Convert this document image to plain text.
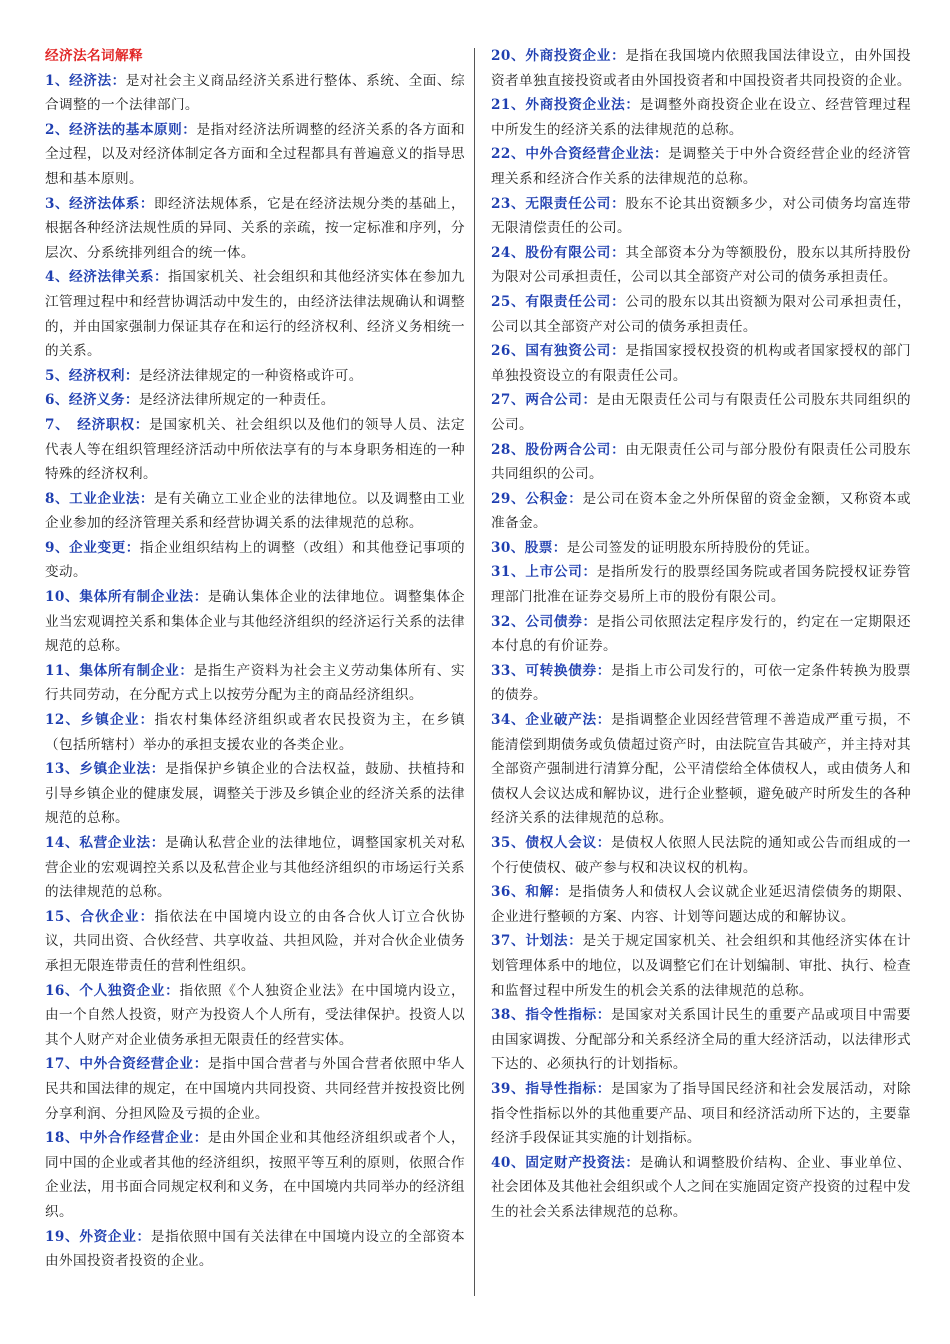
经济法名词解释

1、经济法：是对社会主义商品经济关系进行整体、系统、全面、综合调整的一个法律部门。

2、经济法的基本原则：是指对经济法所调整的经济关系的各方面和全过程，以及对经济体制定各方面和全过程都具有普遍意义的指导思想和基本原则。

3、经济法体系：即经济法规体系，它是在经济法规分类的基础上，根据各种经济法规性质的异同、关系的亲疏，按一定标准和序列，分层次、分系统排列组合的统一体。

4、经济法律关系：指国家机关、社会组织和其他经济实体在参加九江管理过程中和经营协调活动中发生的，由经济法律法规确认和调整的，并由国家强制力保证其存在和运行的经济权利、经济义务相统一的关系。

5、经济权利：是经济法律规定的一种资格或许可。

6、经济义务：是经济法律所规定的一种责任。

7、　经济职权：是国家机关、社会组织以及他们的领导人员、法定代表人等在组织管理经济活动中所依法享有的与本身职务相连的一种特殊的经济权利。

8、工业企业法：是有关确立工业企业的法律地位。以及调整由工业企业参加的经济管理关系和经营协调关系的法律规范的总称。

9、企业变更：指企业组织结构上的调整（改组）和其他登记事项的变动。

10、集体所有制企业法：是确认集体企业的法律地位。调整集体企业当宏观调控关系和集体企业与其他经济组织的经济运行关系的法律规范的总称。

11、集体所有制企业：是指生产资料为社会主义劳动集体所有、实行共同劳动，在分配方式上以按劳分配为主的商品经济组织。

12、乡镇企业：指农村集体经济组织或者农民投资为主，在乡镇（包括所辖村）举办的承担支援农业的各类企业。

13、乡镇企业法：是指保护乡镇企业的合法权益，鼓励、扶植持和引导乡镇企业的健康发展，调整关于涉及乡镇企业的经济关系的法律规范的总称。

14、私营企业法：是确认私营企业的法律地位，调整国家机关对私营企业的宏观调控关系以及私营企业与其他经济组织的市场运行关系的法律规范的总称。

15、合伙企业：指依法在中国境内设立的由各合伙人订立合伙协议，共同出资、合伙经营、共享收益、共担风险，并对合伙企业债务承担无限连带责任的营利性组织。

16、个人独资企业：指依照《个人独资企业法》在中国境内设立，由一个自然人投资，财产为投资人个人所有，受法律保护。投资人以其个人财产对企业债务承担无限责任的经营实体。

17、中外合资经营企业：是指中国合营者与外国合营者依照中华人民共和国法律的规定，在中国境内共同投资、共同经营并按投资比例分享利润、分担风险及亏损的企业。

18、中外合作经营企业：是由外国企业和其他经济组织或者个人，同中国的企业或者其他的经济组织，按照平等互利的原则，依照合作企业法，用书面合同规定权利和义务，在中国境内共同举办的经济组织。

19、外资企业：是指依照中国有关法律在中国境内设立的全部资本由外国投资者投资的企业。

20、外商投资企业：是指在我国境内依照我国法律设立，由外国投资者单独直接投资或者由外国投资者和中国投资者共同投资的企业。

21、外商投资企业法：是调整外商投资企业在设立、经营管理过程中所发生的经济关系的法律规范的总称。

22、中外合资经营企业法：是调整关于中外合资经营企业的经济管理关系和经济合作关系的法律规范的总称。

23、无限责任公司：股东不论其出资额多少，对公司债务均富连带无限清偿责任的公司。

24、股份有限公司：其全部资本分为等额股份，股东以其所持股份为限对公司承担责任，公司以其全部资产对公司的债务承担责任。

25、有限责任公司：公司的股东以其出资额为限对公司承担责任，公司以其全部资产对公司的债务承担责任。

26、国有独资公司：是指国家授权投资的机构或者国家授权的部门单独投资设立的有限责任公司。

27、两合公司：是由无限责任公司与有限责任公司股东共同组织的公司。

28、股份两合公司：由无限责任公司与部分股份有限责任公司股东共同组织的公司。

29、公积金：是公司在资本金之外所保留的资金金额，又称资本或准备金。

30、股票：是公司签发的证明股东所持股份的凭证。

31、上市公司：是指所发行的股票经国务院或者国务院授权证券管理部门批准在证券交易所上市的股份有限公司。

32、公司债券：是指公司依照法定程序发行的，约定在一定期限还本付息的有价证券。

33、可转换债券：是指上市公司发行的，可依一定条件转换为股票的债券。

34、企业破产法：是指调整企业因经营管理不善造成严重亏损，不能清偿到期债务或负债超过资产时，由法院宣告其破产，并主持对其全部资产强制进行清算分配，公平清偿给全体债权人，或由债务人和债权人会议达成和解协议，进行企业整顿，避免破产时所发生的各种经济关系的法律规范的总称。

35、债权人会议：是债权人依照人民法院的通知或公告而组成的一个行使债权、破产参与权和决议权的机构。

36、和解：是指债务人和债权人会议就企业延迟清偿债务的期限、企业进行整顿的方案、内容、计划等问题达成的和解协议。

37、计划法：是关于规定国家机关、社会组织和其他经济实体在计划管理体系中的地位，以及调整它们在计划编制、审批、执行、检查和监督过程中所发生的机会关系的法律规范的总称。

38、指令性指标：是国家对关系国计民生的重要产品或项目中需要由国家调拨、分配部分和关系经济全局的重大经济活动，以法律形式下达的、必须执行的计划指标。

39、指导性指标：是国家为了指导国民经济和社会发展活动，对除指令性指标以外的其他重要产品、项目和经济活动所下达的，主要靠经济手段保证其实施的计划指标。

40、固定财产投资法：是确认和调整股价结构、企业、事业单位、社会团体及其他社会组织或个人之间在实施固定资产投资的过程中发生的社会关系法律规范的总称。
